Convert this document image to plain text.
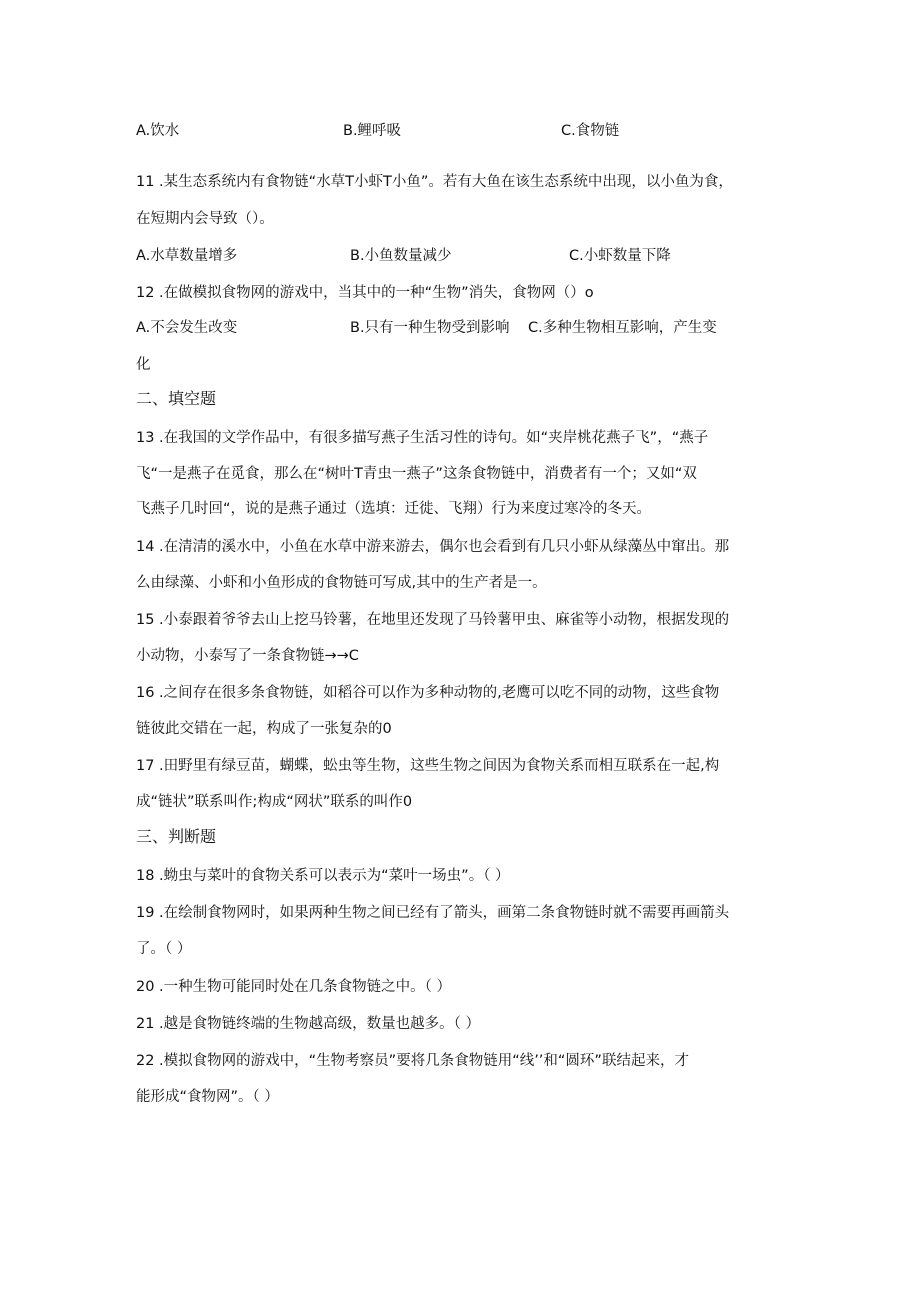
A.饮水	B.鲤呼吸	C.食物链
11 .某生态系统内有食物链“水草T小虾T小鱼”。若有大鱼在该生态系统中出现，以小鱼为食，
在短期内会导致（）。
A.水草数量增多	B.小鱼数量减少	C.小虾数量下降
12 .在做模拟食物网的游戏中，当其中的一种“生物”消失，食物网（）o
A.不会发生改变	B.只有一种生物受到影响 C.多种生物相互影响，产生变
化
二、填空题
13 .在我国的文学作品中，有很多描写燕子生活习性的诗句。如“夹岸桃花燕子飞”，“燕子
飞“一是燕子在觅食，那么在“树叶T青虫一燕子”这条食物链中，消费者有一个；又如“双
飞燕子几时回“，说的是燕子通过（选填：迁徙、飞翔）行为来度过寒冷的冬天。
14 .在清清的溪水中，小鱼在水草中游来游去，偶尔也会看到有几只小虾从绿藻丛中窜出。那
么由绿藻、小虾和小鱼形成的食物链可写成,其中的生产者是一。
15 .小泰跟着爷爷去山上挖马铃薯，在地里还发现了马铃薯甲虫、麻雀等小动物，根据发现的
小动物，小泰写了一条食物链→→C
16 .之间存在很多条食物链，如稻谷可以作为多种动物的,老鹰可以吃不同的动物，这些食物
链彼此交错在一起，构成了一张复杂的0
17 .田野里有绿豆苗，蝴蝶，蚣虫等生物，这些生物之间因为食物关系而相互联系在一起,构
成“链状”联系叫作;构成“网状”联系的叫作0
三、判断题
18 .蚴虫与菜叶的食物关系可以表示为“菜叶一场虫”。（ ）
19 .在绘制食物网时，如果两种生物之间已经有了箭头，画第二条食物链时就不需要再画箭头
了。（ ）
20 .一种生物可能同时处在几条食物链之中。（ ）
21 .越是食物链终端的生物越高级，数量也越多。（ ）
22 .模拟食物网的游戏中，“生物考察员”要将几条食物链用“线’’和“圆环”联结起来，才
能形成“食物网”。（ ）
